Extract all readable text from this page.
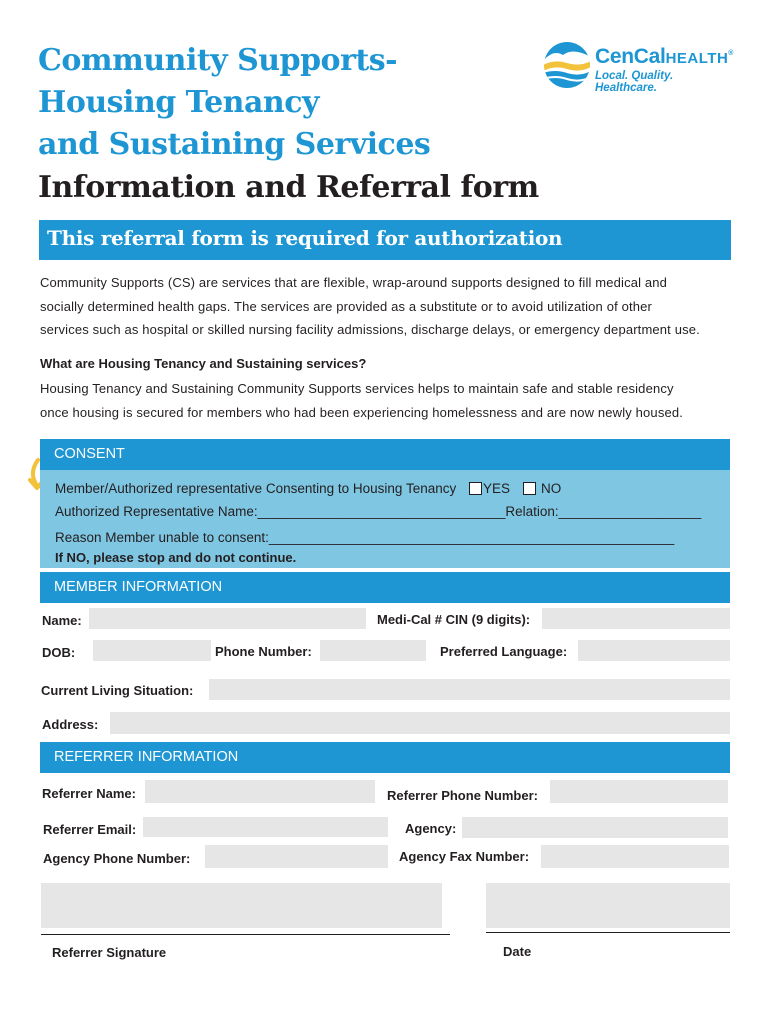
Community Supports-
Housing Tenancy
and Sustaining Services
Information and Referral form
CenCalHEALTH®
Local. Quality. Healthcare.
This referral form is required for authorization
Community Supports (CS) are services that are flexible, wrap-around supports designed to fill medical and
socially determined health gaps. The services are provided as a substitute or to avoid utilization of other
services such as hospital or skilled nursing facility admissions, discharge delays, or emergency department use.
What are Housing Tenancy and Sustaining services?
Housing Tenancy and Sustaining Community Supports services helps to maintain safe and stable residency
once housing is secured for members who had been experiencing homelessness and are now newly housed.
CONSENT
Member/Authorized representative Consenting to Housing Tenancy YES NO
Authorized Representative Name:_________________________________Relation:___________________
Reason Member unable to consent:______________________________________________________
If NO, please stop and do not continue.
MEMBER INFORMATION
Name:	Medi-Cal # CIN (9 digits):
DOB:	Phone Number:	Preferred Language:
Current Living Situation:
Address:
REFERRER INFORMATION
Referrer Name:	Referrer Phone Number:
Referrer Email:	Agency:
Agency Phone Number:	Agency Fax Number:
Referrer Signature	Date
